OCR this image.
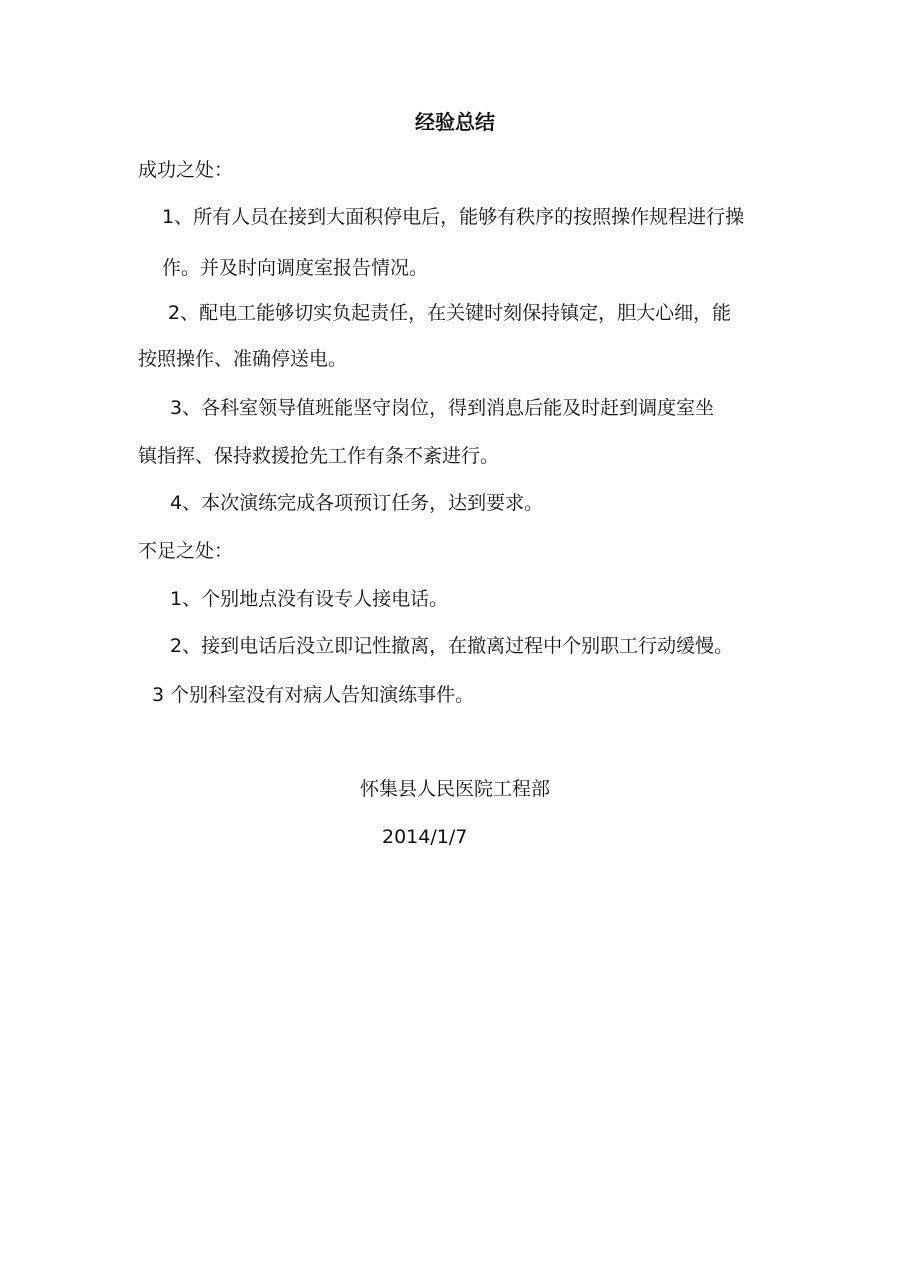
经验总结

成功之处：

1、所有人员在接到大面积停电后，能够有秩序的按照操作规程进行操

作。并及时向调度室报告情况。

2、配电工能够切实负起责任，在关键时刻保持镇定，胆大心细，能

按照操作、准确停送电。

3、各科室领导值班能坚守岗位，得到消息后能及时赶到调度室坐

镇指挥、保持救援抢先工作有条不紊进行。

4、本次演练完成各项预订任务，达到要求。

不足之处：

1、个别地点没有设专人接电话。

2、接到电话后没立即记性撤离，在撤离过程中个别职工行动缓慢。

3 个别科室没有对病人告知演练事件。

怀集县人民医院工程部

2014/1/7
